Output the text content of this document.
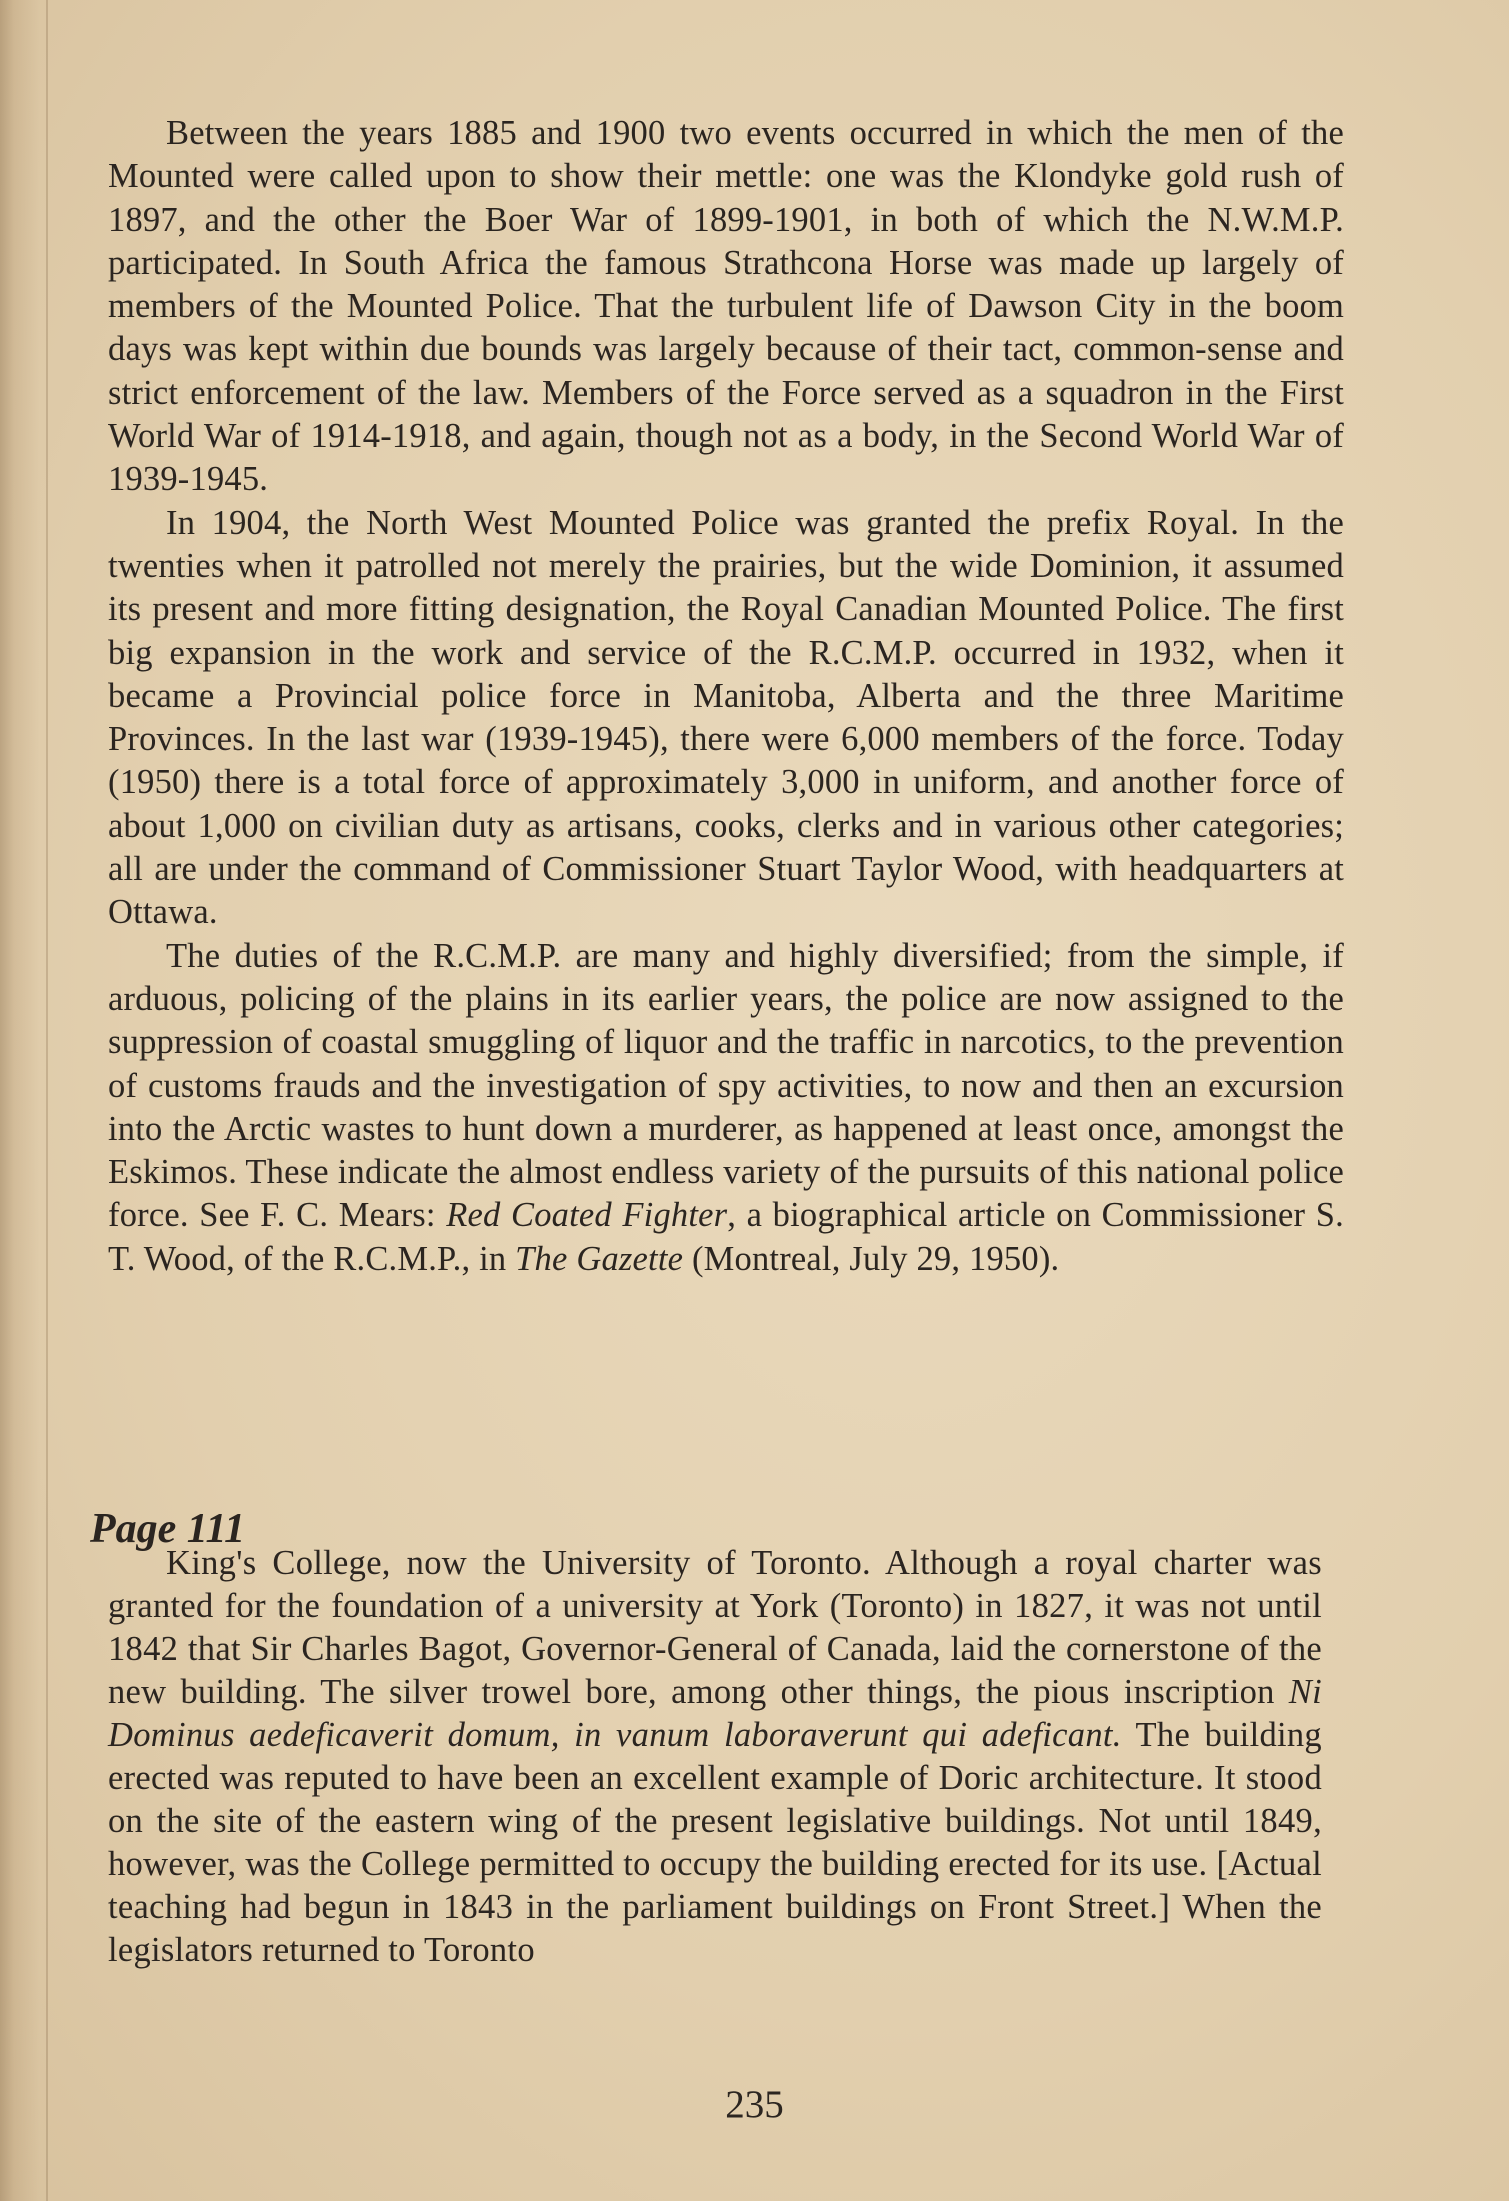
Between the years 1885 and 1900 two events occurred in which the men of the Mounted were called upon to show their mettle: one was the Klondyke gold rush of 1897, and the other the Boer War of 1899-1901, in both of which the N.W.M.P. participated. In South Africa the famous Strathcona Horse was made up largely of members of the Mounted Police. That the turbulent life of Dawson City in the boom days was kept within due bounds was largely because of their tact, common-sense and strict enforcement of the law. Members of the Force served as a squadron in the First World War of 1914-1918, and again, though not as a body, in the Second World War of 1939-1945.

In 1904, the North West Mounted Police was granted the prefix Royal. In the twenties when it patrolled not merely the prairies, but the wide Dominion, it assumed its present and more fitting designation, the Royal Canadian Mounted Police. The first big expansion in the work and service of the R.C.M.P. occurred in 1932, when it became a Provincial police force in Manitoba, Alberta and the three Maritime Provinces. In the last war (1939-1945), there were 6,000 members of the force. Today (1950) there is a total force of approximately 3,000 in uniform, and another force of about 1,000 on civilian duty as artisans, cooks, clerks and in various other categories; all are under the command of Commissioner Stuart Taylor Wood, with headquarters at Ottawa.

The duties of the R.C.M.P. are many and highly diversified; from the simple, if arduous, policing of the plains in its earlier years, the police are now assigned to the suppression of coastal smuggling of liquor and the traffic in narcotics, to the prevention of customs frauds and the investigation of spy activities, to now and then an excursion into the Arctic wastes to hunt down a murderer, as happened at least once, amongst the Eskimos. These indicate the almost endless variety of the pursuits of this national police force. See F. C. Mears: Red Coated Fighter, a biographical article on Commissioner S. T. Wood, of the R.C.M.P., in The Gazette (Montreal, July 29, 1950).

Page 111

King's College, now the University of Toronto. Although a royal charter was granted for the foundation of a university at York (Toronto) in 1827, it was not until 1842 that Sir Charles Bagot, Governor-General of Canada, laid the cornerstone of the new building. The silver trowel bore, among other things, the pious inscription Ni Dominus aedeficaverit domum, in vanum laboraverunt qui adeficant. The building erected was reputed to have been an excellent example of Doric architecture. It stood on the site of the eastern wing of the present legislative buildings. Not until 1849, however, was the College permitted to occupy the building erected for its use. [Actual teaching had begun in 1843 in the parliament buildings on Front Street.] When the legislators returned to Toronto

235
